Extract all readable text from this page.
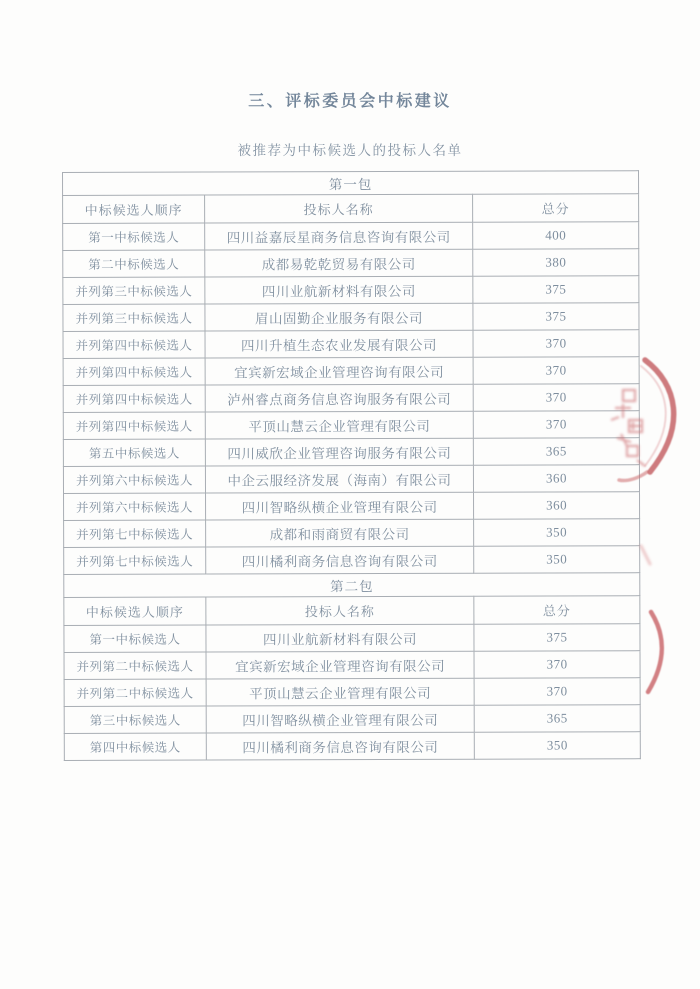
三、评标委员会中标建议

被推荐为中标候选人的投标人名单

第一包		
中标候选人顺序	投标人名称	总分
第一中标候选人	四川益嘉辰星商务信息咨询有限公司	400
第二中标候选人	成都易乾乾贸易有限公司	380
并列第三中标候选人	四川业航新材料有限公司	375
并列第三中标候选人	眉山固勤企业服务有限公司	375
并列第四中标候选人	四川升植生态农业发展有限公司	370
并列第四中标候选人	宜宾新宏域企业管理咨询有限公司	370
并列第四中标候选人	泸州睿点商务信息咨询服务有限公司	370
并列第四中标候选人	平顶山慧云企业管理有限公司	370
第五中标候选人	四川威欣企业管理咨询服务有限公司	365
并列第六中标候选人	中企云服经济发展（海南）有限公司	360
并列第六中标候选人	四川智略纵横企业管理有限公司	360
并列第七中标候选人	成都和雨商贸有限公司	350
并列第七中标候选人	四川橘利商务信息咨询有限公司	350
第二包		
中标候选人顺序	投标人名称	总分
第一中标候选人	四川业航新材料有限公司	375
并列第二中标候选人	宜宾新宏域企业管理咨询有限公司	370
并列第二中标候选人	平顶山慧云企业管理有限公司	370
第三中标候选人	四川智略纵横企业管理有限公司	365
第四中标候选人	四川橘利商务信息咨询有限公司	350
